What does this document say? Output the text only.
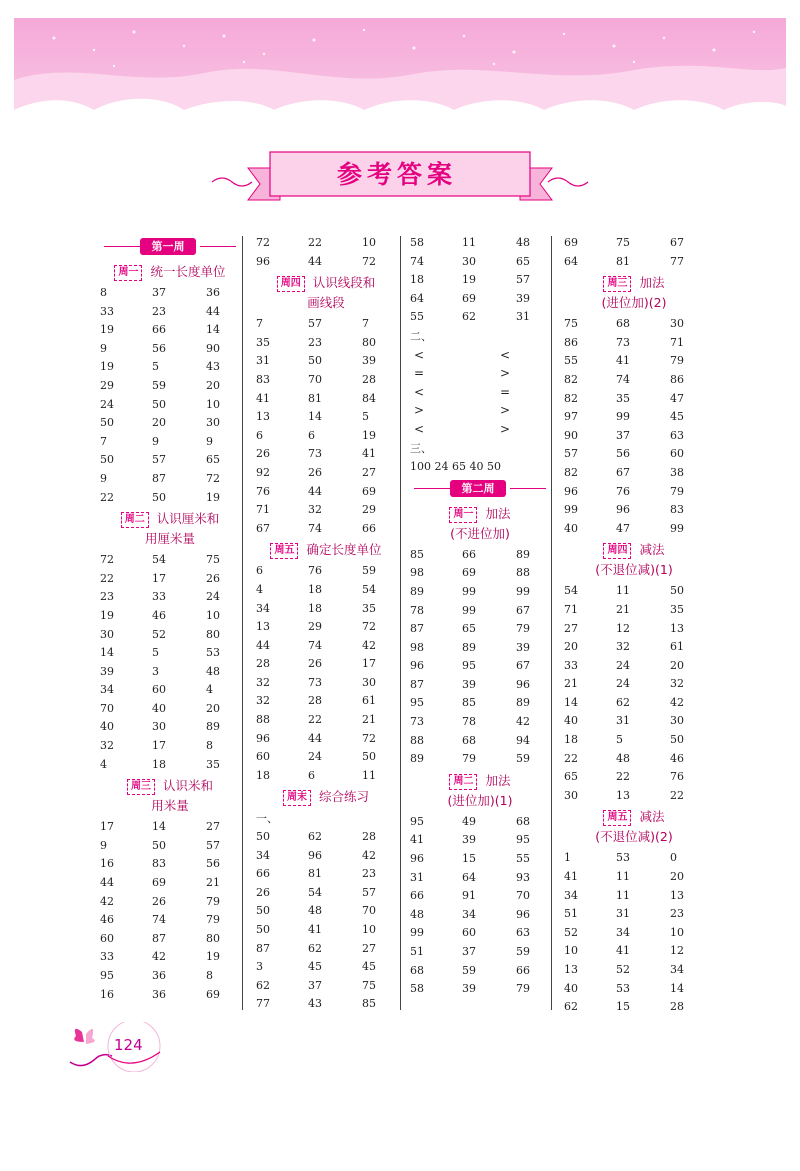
参考答案
第一周
周一 统一长度单位
8	37	36
33	23	44
19	66	14
9	56	90
19	5	43
29	59	20
24	50	10
50	20	30
7	9	9
50	57	65
9	87	72
22	50	19
周二 认识厘米和
用厘米量
72	54	75
22	17	26
23	33	24
19	46	10
30	52	80
14	5	53
39	3	48
34	60	4
70	40	20
40	30	89
32	17	8
4	18	35
周三 认识米和
用米量
17	14	27
9	50	57
16	83	56
44	69	21
42	26	79
46	74	79
60	87	80
33	42	19
95	36	8
16	36	69
72	22	10
96	44	72
周四 认识线段和
画线段
7	57	7
35	23	80
31	50	39
83	70	28
41	81	84
13	14	5
6	6	19
26	73	41
92	26	27
76	44	69
71	32	29
67	74	66
周五 确定长度单位
6	76	59
4	18	54
34	18	35
13	29	72
44	74	42
28	26	17
32	73	30
32	28	61
88	22	21
96	44	72
60	24	50
18	6	11
周末 综合练习
一、
50	62	28
34	96	42
66	81	23
26	54	57
50	48	70
50	41	10
87	62	27
3	45	45
62	37	75
77	43	85
58	11	48
74	30	65
18	19	57
64	69	39
55	62	31
二、
<	<
=	>
<	=
>	>
<	>
三、
100 24 65 40 50
第二周
周一 加法
(不进位加)
85	66	89
98	69	88
89	99	99
78	99	67
87	65	79
98	89	39
96	95	67
87	39	96
95	85	89
73	78	42
88	68	94
89	79	59
周二 加法
(进位加)(1)
95	49	68
41	39	95
96	15	55
31	64	93
66	91	70
48	34	96
99	60	63
51	37	59
68	59	66
58	39	79
69	75	67
64	81	77
周三 加法
(进位加)(2)
75	68	30
86	73	71
55	41	79
82	74	86
82	35	47
97	99	45
90	37	63
57	56	60
82	67	38
96	76	79
99	96	83
40	47	99
周四 减法
(不退位减)(1)
54	11	50
71	21	35
27	12	13
20	32	61
33	24	20
21	24	32
14	62	42
40	31	30
18	5	50
22	48	46
65	22	76
30	13	22
周五 减法
(不退位减)(2)
1	53	0
41	11	20
34	11	13
51	31	23
52	34	10
10	41	12
13	52	34
40	53	14
62	15	28
124
